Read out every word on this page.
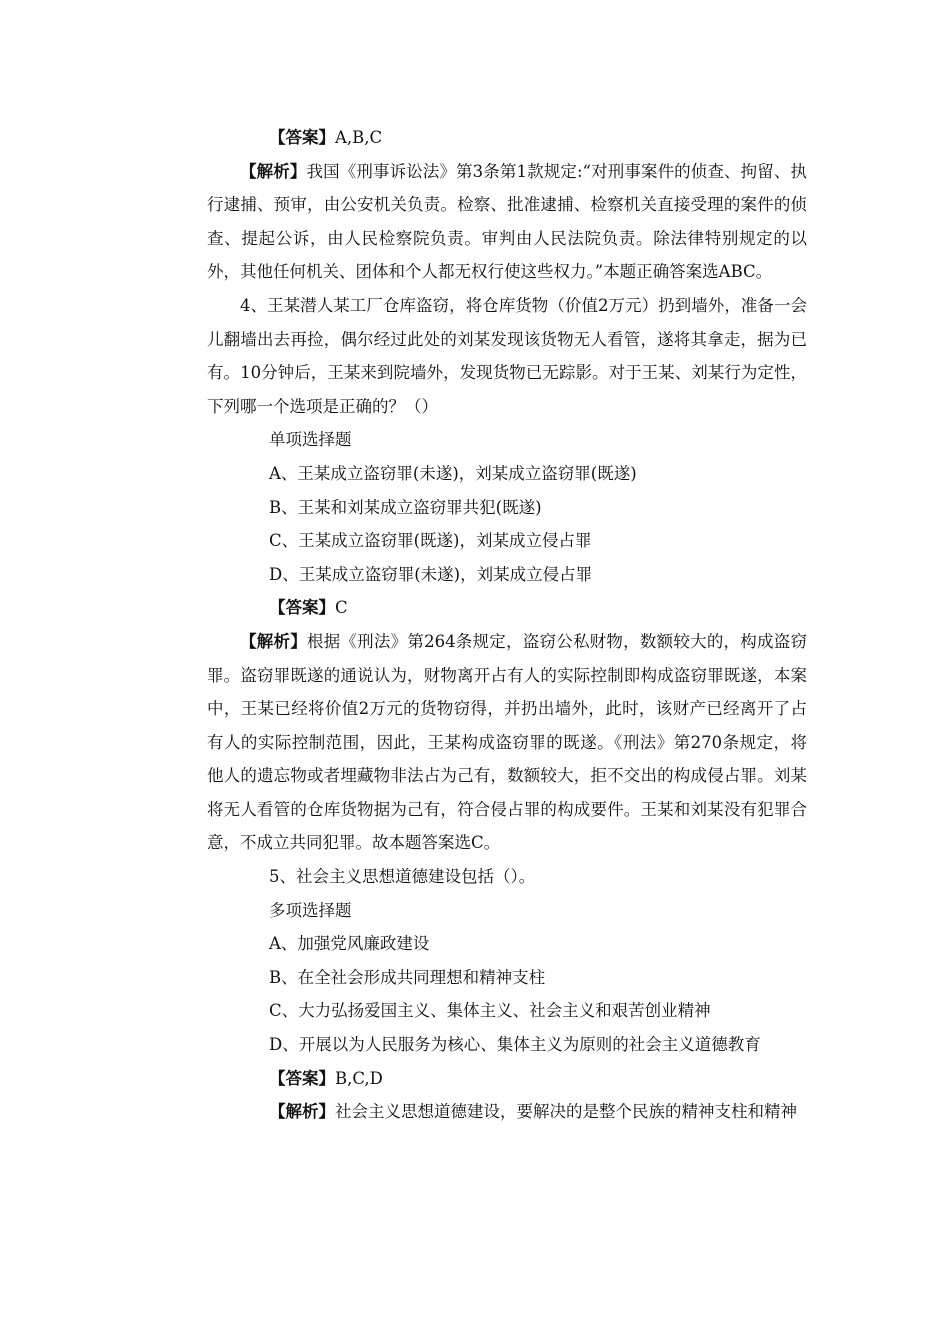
【答案】A,B,C

【解析】我国《刑事诉讼法》第3条第1款规定:“对刑事案件的侦查、拘留、执行逮捕、预审，由公安机关负责。检察、批准逮捕、检察机关直接受理的案件的侦查、提起公诉，由人民检察院负责。审判由人民法院负责。除法律特别规定的以外，其他任何机关、团体和个人都无权行使这些权力。”本题正确答案选ABC。

4、王某潜人某工厂仓库盗窃，将仓库货物（价值2万元）扔到墙外，准备一会儿翻墙出去再捡，偶尔经过此处的刘某发现该货物无人看管，遂将其拿走，据为已有。10分钟后，王某来到院墙外，发现货物已无踪影。对于王某、刘某行为定性，下列哪一个选项是正确的？（）

单项选择题

A、王某成立盗窃罪(未遂)，刘某成立盗窃罪(既遂)

B、王某和刘某成立盗窃罪共犯(既遂)

C、王某成立盗窃罪(既遂)，刘某成立侵占罪

D、王某成立盗窃罪(未遂)，刘某成立侵占罪

【答案】C

【解析】根据《刑法》第264条规定，盗窃公私财物，数额较大的，构成盗窃罪。盗窃罪既遂的通说认为，财物离开占有人的实际控制即构成盗窃罪既遂，本案中，王某已经将价值2万元的货物窃得，并扔出墙外，此时，该财产已经离开了占有人的实际控制范围，因此，王某构成盗窃罪的既遂。《刑法》第270条规定，将他人的遗忘物或者埋藏物非法占为己有，数额较大，拒不交出的构成侵占罪。刘某将无人看管的仓库货物据为己有，符合侵占罪的构成要件。王某和刘某没有犯罪合意，不成立共同犯罪。故本题答案选C。

5、社会主义思想道德建设包括（）。

多项选择题

A、加强党风廉政建设

B、在全社会形成共同理想和精神支柱

C、大力弘扬爱国主义、集体主义、社会主义和艰苦创业精神

D、开展以为人民服务为核心、集体主义为原则的社会主义道德教育

【答案】B,C,D

【解析】社会主义思想道德建设，要解决的是整个民族的精神支柱和精神
